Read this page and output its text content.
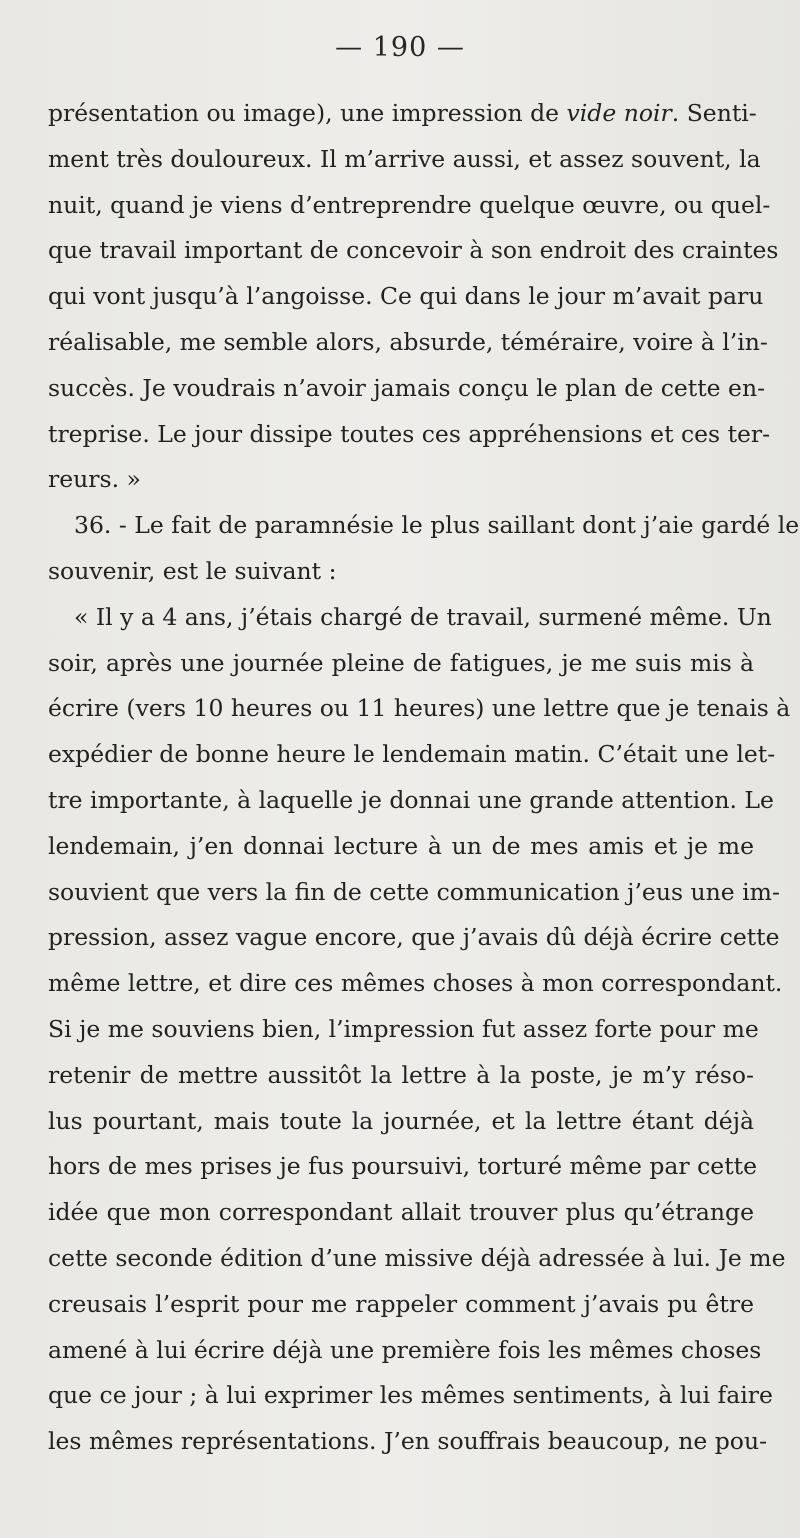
— 190 —
présentation ou image), une impression de vide noir. Senti-
ment très douloureux. Il m’arrive aussi, et assez souvent, la
nuit, quand je viens d’entreprendre quelque œuvre, ou quel-
que travail important de concevoir à son endroit des craintes
qui vont jusqu’à l’angoisse. Ce qui dans le jour m’avait paru
réalisable, me semble alors, absurde, téméraire, voire à l’in-
succès. Je voudrais n’avoir jamais conçu le plan de cette en-
treprise. Le jour dissipe toutes ces appréhensions et ces ter-
reurs. »
36. - Le fait de paramnésie le plus saillant dont j’aie gardé le
souvenir, est le suivant :
« Il y a 4 ans, j’étais chargé de travail, surmené même. Un
soir, après une journée pleine de fatigues, je me suis mis à
écrire (vers 10 heures ou 11 heures) une lettre que je tenais à
expédier de bonne heure le lendemain matin. C’était une let-
tre importante, à laquelle je donnai une grande attention. Le
lendemain, j’en donnai lecture à un de mes amis et je me
souvient que vers la fin de cette communication j’eus une im-
pression, assez vague encore, que j’avais dû déjà écrire cette
même lettre, et dire ces mêmes choses à mon correspondant.
Si je me souviens bien, l’impression fut assez forte pour me
retenir de mettre aussitôt la lettre à la poste, je m’y réso-
lus pourtant, mais toute la journée, et la lettre étant déjà
hors de mes prises je fus poursuivi, torturé même par cette
idée que mon correspondant allait trouver plus qu’étrange
cette seconde édition d’une missive déjà adressée à lui. Je me
creusais l’esprit pour me rappeler comment j’avais pu être
amené à lui écrire déjà une première fois les mêmes choses
que ce jour ; à lui exprimer les mêmes sentiments, à lui faire
les mêmes représentations. J’en souffrais beaucoup, ne pou-
